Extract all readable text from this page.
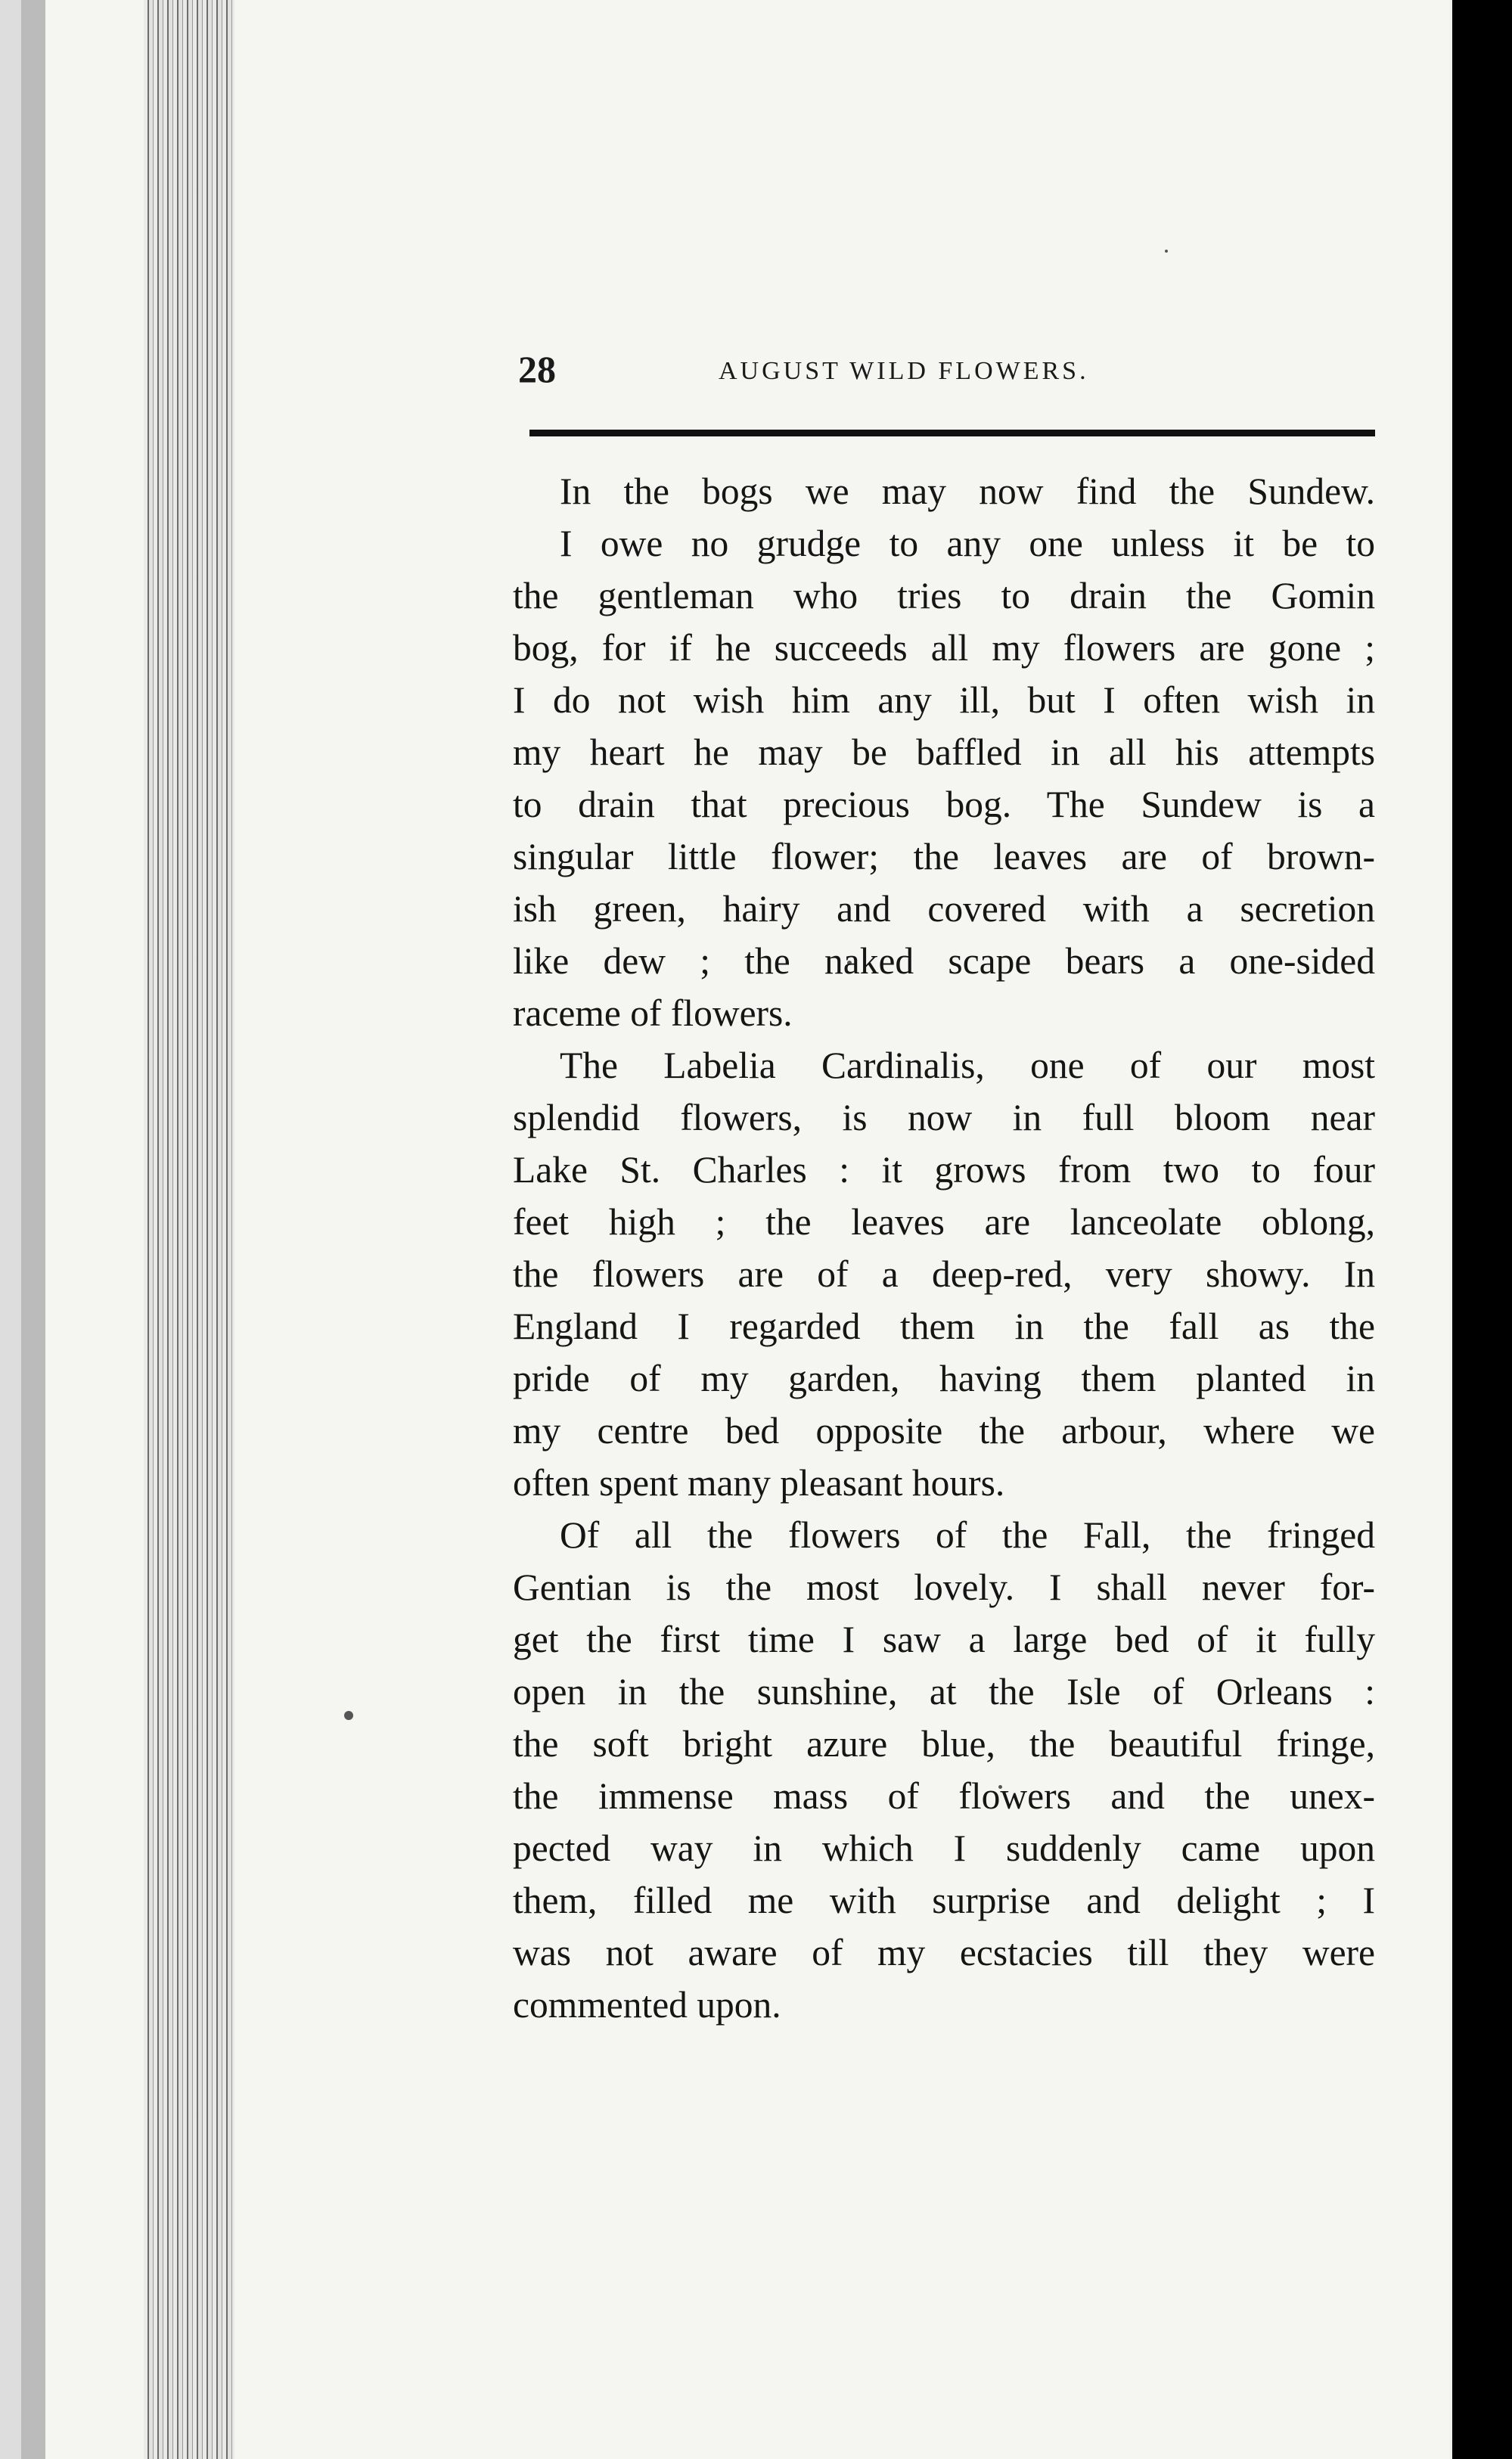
28	AUGUST WILD FLOWERS.
In the bogs we may now find the Sundew.
I owe no grudge to any one unless it be to
the gentleman who tries to drain the Gomin
bog, for if he succeeds all my flowers are gone ;
I do not wish him any ill, but I often wish in
my heart he may be baffled in all his attempts
to drain that precious bog. The Sundew is a
singular little flower; the leaves are of brown-
ish green, hairy and covered with a secretion
like dew ; the naked scape bears a one-sided
raceme of flowers.
The Labelia Cardinalis, one of our most
splendid flowers, is now in full bloom near
Lake St. Charles : it grows from two to four
feet high ; the leaves are lanceolate oblong,
the flowers are of a deep-red, very showy. In
England I regarded them in the fall as the
pride of my garden, having them planted in
my centre bed opposite the arbour, where we
often spent many pleasant hours.
Of all the flowers of the Fall, the fringed
Gentian is the most lovely. I shall never for-
get the first time I saw a large bed of it fully
open in the sunshine, at the Isle of Orleans :
the soft bright azure blue, the beautiful fringe,
the immense mass of flowers and the unex-
pected way in which I suddenly came upon
them, filled me with surprise and delight ; I
was not aware of my ecstacies till they were
commented upon.
